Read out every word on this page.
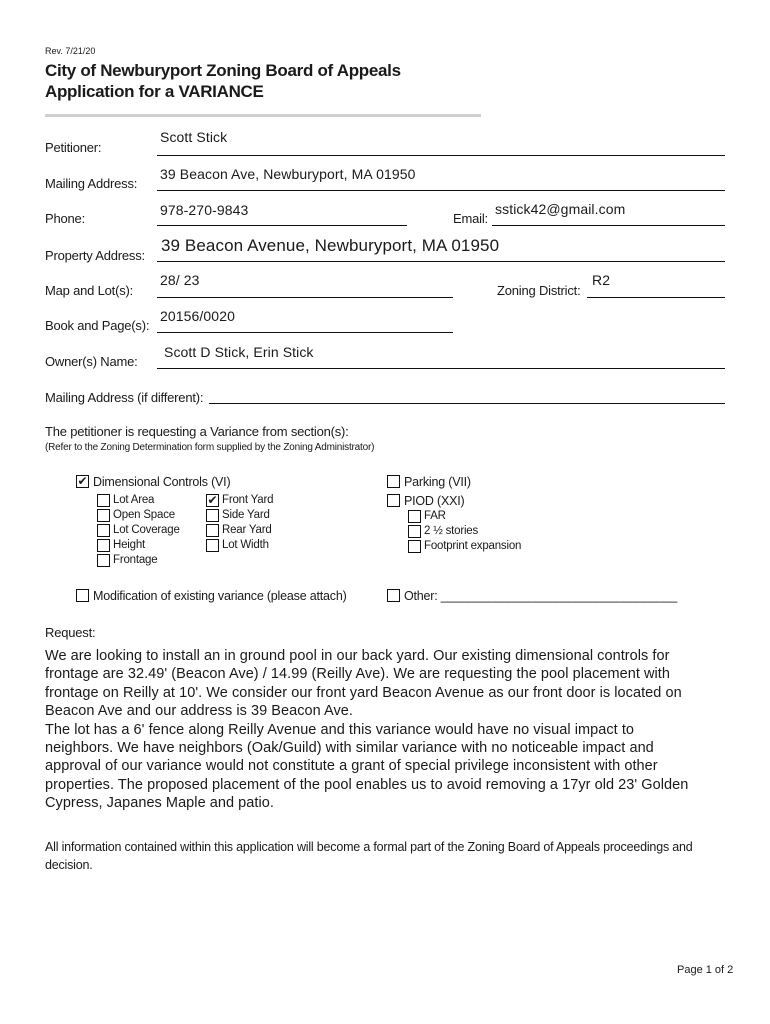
Rev. 7/21/20
City of Newburyport Zoning Board of Appeals
Application for a VARIANCE
Petitioner:
Scott Stick
Mailing Address:
39 Beacon Ave, Newburyport, MA 01950
Phone:
978-270-9843
Email:
sstick42@gmail.com
Property Address:
39 Beacon Avenue, Newburyport, MA 01950
Map and Lot(s):
28/ 23
Zoning District:
R2
Book and Page(s):
20156/0020
Owner(s) Name:
Scott D Stick, Erin Stick
Mailing Address (if different):
The petitioner is requesting a Variance from section(s):
(Refer to the Zoning Determination form supplied by the Zoning Administrator)
✔ Dimensional Controls (VI)
Lot Area
Open Space
Lot Coverage
Height
Frontage
✔ Front Yard
Side Yard
Rear Yard
Lot Width
Parking (VII)
PIOD (XXI)
FAR
2 ½ stories
Footprint expansion
Modification of existing variance (please attach)	Other: ___________________________________
Request:
We are looking to install an in ground pool in our back yard. Our existing dimensional controls for
frontage are 32.49' (Beacon Ave) / 14.99 (Reilly Ave). We are requesting the pool placement with
frontage on Reilly at 10'. We consider our front yard Beacon Avenue as our front door is located on
Beacon Ave and our address is 39 Beacon Ave.
The lot has a 6' fence along Reilly Avenue and this variance would have no visual impact to
neighbors. We have neighbors (Oak/Guild) with similar variance with no noticeable impact and
approval of our variance would not constitute a grant of special privilege inconsistent with other
properties. The proposed placement of the pool enables us to avoid removing a 17yr old 23' Golden
Cypress, Japanes Maple and patio.
All information contained within this application will become a formal part of the Zoning Board of Appeals proceedings and decision.
Page 1 of 2
